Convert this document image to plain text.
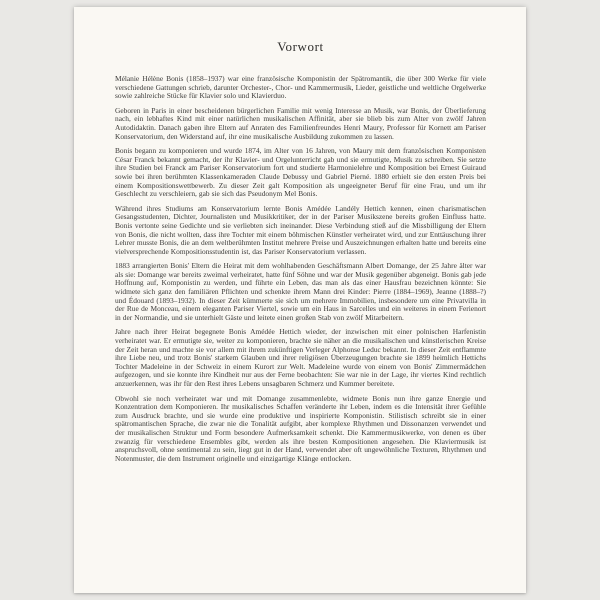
Vorwort

Mélanie Hélène Bonis (1858–1937) war eine französische Komponistin der Spätromantik, die über 300 Werke für viele verschiedene Gattungen schrieb, darunter Orchester-, Chor- und Kammermusik, Lieder, geistliche und weltliche Orgelwerke sowie zahlreiche Stücke für Klavier solo und Klavierduo.

Geboren in Paris in einer bescheidenen bürgerlichen Familie mit wenig Interesse an Musik, war Bonis, der Überlieferung nach, ein lebhaftes Kind mit einer natürlichen musikalischen Affinität, aber sie blieb bis zum Alter von zwölf Jahren Autodidaktin. Danach gaben ihre Eltern auf Anraten des Familienfreundes Henri Maury, Professor für Kornett am Pariser Konservatorium, den Widerstand auf, ihr eine musikalische Ausbildung zukommen zu lassen.

Bonis begann zu komponieren und wurde 1874, im Alter von 16 Jahren, von Maury mit dem französischen Komponisten César Franck bekannt gemacht, der ihr Klavier- und Orgelunterricht gab und sie ermutigte, Musik zu schreiben. Sie setzte ihre Studien bei Franck am Pariser Konservatorium fort und studierte Harmonielehre und Komposition bei Ernest Guiraud sowie bei ihren berühmten Klassenkameraden Claude Debussy und Gabriel Pierné. 1880 erhielt sie den ersten Preis bei einem Kompositionswettbewerb. Zu dieser Zeit galt Komposition als ungeeigneter Beruf für eine Frau, und um ihr Geschlecht zu verschleiern, gab sie sich das Pseudonym Mel Bonis.

Während ihres Studiums am Konservatorium lernte Bonis Amédée Landély Hettich kennen, einen charismatischen Gesangsstudenten, Dichter, Journalisten und Musikkritiker, der in der Pariser Musikszene bereits großen Einfluss hatte. Bonis vertonte seine Gedichte und sie verliebten sich ineinander. Diese Verbindung stieß auf die Missbilligung der Eltern von Bonis, die nicht wollten, dass ihre Tochter mit einem böhmischen Künstler verheiratet wird, und zur Enttäuschung ihrer Lehrer musste Bonis, die an dem weltberühmten Institut mehrere Preise und Auszeichnungen erhalten hatte und bereits eine vielversprechende Kompositionsstudentin ist, das Pariser Konservatorium verlassen.

1883 arrangierten Bonis' Eltern die Heirat mit dem wohlhabenden Geschäftsmann Albert Domange, der 25 Jahre älter war als sie: Domange war bereits zweimal verheiratet, hatte fünf Söhne und war der Musik gegenüber abgeneigt. Bonis gab jede Hoffnung auf, Komponistin zu werden, und führte ein Leben, das man als das einer Hausfrau bezeichnen könnte: Sie widmete sich ganz den familiären Pflichten und schenkte ihrem Mann drei Kinder: Pierre (1884–1969), Jeanne (1888–?) und Édouard (1893–1932). In dieser Zeit kümmerte sie sich um mehrere Immobilien, insbesondere um eine Privatvilla in der Rue de Monceau, einem eleganten Pariser Viertel, sowie um ein Haus in Sarcelles und ein weiteres in einem Ferienort in der Normandie, und sie unterhielt Gäste und leitete einen großen Stab von zwölf Mitarbeitern.

Jahre nach ihrer Heirat begegnete Bonis Amédée Hettich wieder, der inzwischen mit einer polnischen Harfenistin verheiratet war. Er ermutigte sie, weiter zu komponieren, brachte sie näher an die musikalischen und künstlerischen Kreise der Zeit heran und machte sie vor allem mit ihrem zukünftigen Verleger Alphonse Leduc bekannt. In dieser Zeit entflammte ihre Liebe neu, und trotz Bonis' starkem Glauben und ihrer religiösen Überzeugungen brachte sie 1899 heimlich Hettichs Tochter Madeleine in der Schweiz in einem Kurort zur Welt. Madeleine wurde von einem von Bonis' Zimmermädchen aufgezogen, und sie konnte ihre Kindheit nur aus der Ferne beobachten: Sie war nie in der Lage, ihr viertes Kind rechtlich anzuerkennen, was ihr für den Rest ihres Lebens unsagbaren Schmerz und Kummer bereitete.

Obwohl sie noch verheiratet war und mit Domange zusammenlebte, widmete Bonis nun ihre ganze Energie und Konzentration dem Komponieren. Ihr musikalisches Schaffen veränderte ihr Leben, indem es die Intensität ihrer Gefühle zum Ausdruck brachte, und sie wurde eine produktive und inspirierte Komponistin. Stilistisch schreibt sie in einer spätromantischen Sprache, die zwar nie die Tonalität aufgibt, aber komplexe Rhythmen und Dissonanzen verwendet und der musikalischen Struktur und Form besondere Aufmerksamkeit schenkt. Die Kammermusikwerke, von denen es über zwanzig für verschiedene Ensembles gibt, werden als ihre besten Kompositionen angesehen. Die Klaviermusik ist anspruchsvoll, ohne sentimental zu sein, liegt gut in der Hand, verwendet aber oft ungewöhnliche Texturen, Rhythmen und Notenmuster, die dem Instrument originelle und einzigartige Klänge entlocken.
